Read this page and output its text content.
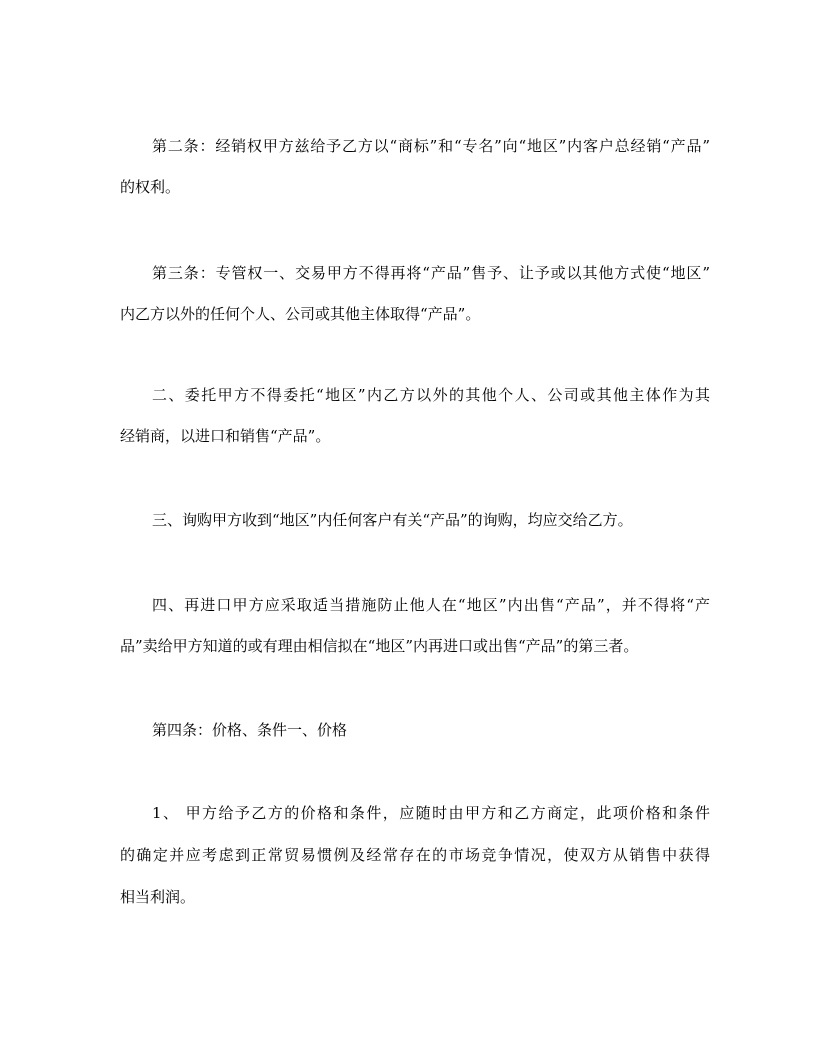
第二条：经销权甲方兹给予乙方以“商标”和“专名”向“地区”内客户总经销“产品”
的权利。
第三条：专管权一、交易甲方不得再将“产品”售予、让予或以其他方式使“地区”
内乙方以外的任何个人、公司或其他主体取得“产品”。
二、委托甲方不得委托“地区”内乙方以外的其他个人、公司或其他主体作为其
经销商，以进口和销售“产品”。
三、询购甲方收到“地区”内任何客户有关“产品”的询购，均应交给乙方。
四、再进口甲方应采取适当措施防止他人在“地区”内出售“产品”，并不得将“产
品”卖给甲方知道的或有理由相信拟在“地区”内再进口或出售“产品”的第三者。
第四条：价格、条件一、价格
1、 甲方给予乙方的价格和条件，应随时由甲方和乙方商定，此项价格和条件
的确定并应考虑到正常贸易惯例及经常存在的市场竞争情况，使双方从销售中获得
相当利润。
